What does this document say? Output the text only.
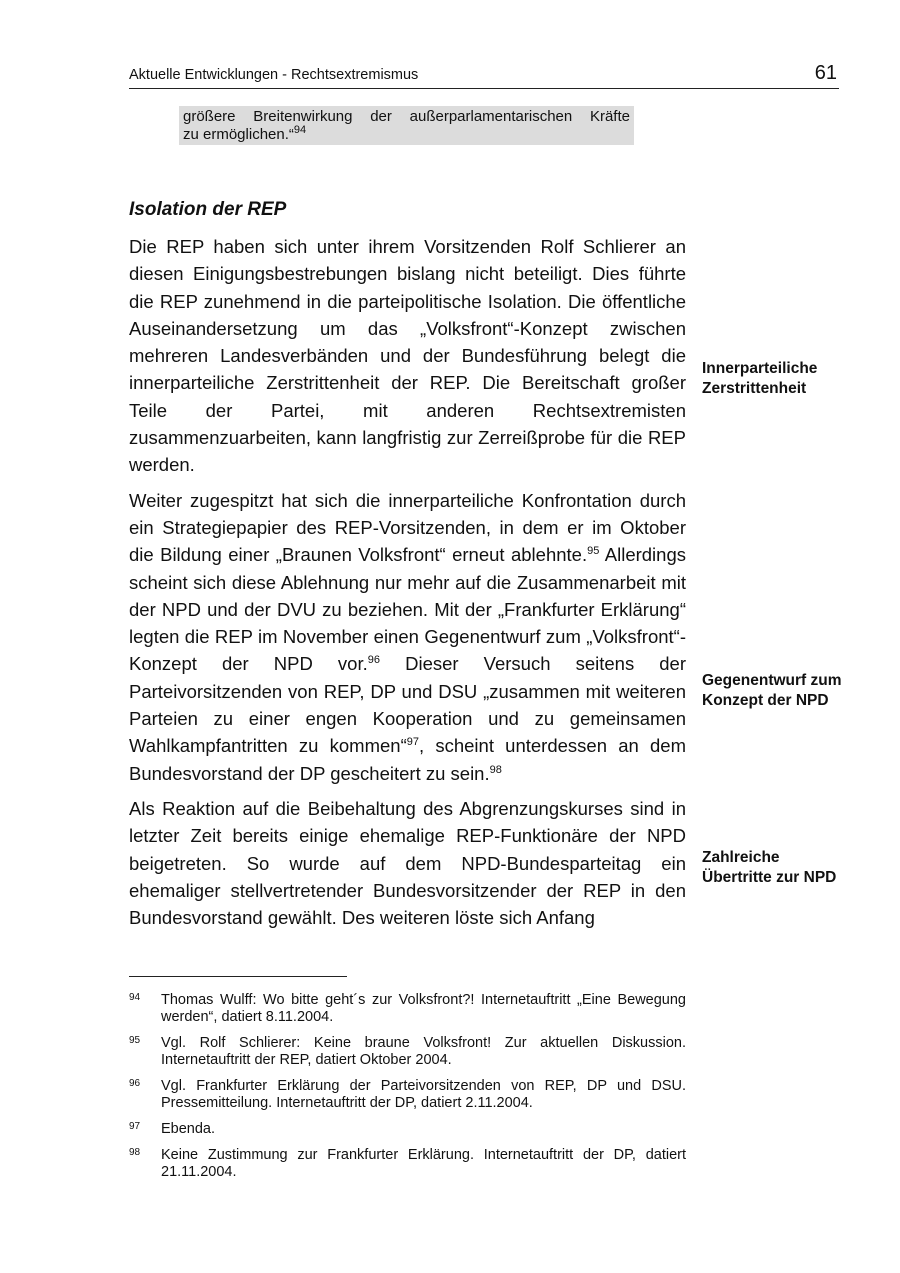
Aktuelle Entwicklungen - Rechtsextremismus	61
größere Breitenwirkung der außerparlamentarischen Kräfte
zu ermöglichen.“$^{94}$
Isolation der REP

Die REP haben sich unter ihrem Vorsitzenden Rolf Schlierer an diesen Einigungsbestrebungen bislang nicht beteiligt. Dies führte die REP zunehmend in die parteipolitische Isolation. Die öffentliche Auseinandersetzung um das „Volksfront“-Konzept zwischen mehreren Landesverbänden und der Bundesführung belegt die innerparteiliche Zerstrittenheit der REP. Die Bereitschaft großer Teile der Partei, mit anderen Rechtsextremisten zusammenzuarbeiten, kann langfristig zur Zerreißprobe für die REP werden.

Weiter zugespitzt hat sich die innerparteiliche Konfrontation durch ein Strategiepapier des REP-Vorsitzenden, in dem er im Oktober die Bildung einer „Braunen Volksfront“ erneut ablehnte.$^{95}$ Allerdings scheint sich diese Ablehnung nur mehr auf die Zusammenarbeit mit der NPD und der DVU zu beziehen. Mit der „Frankfurter Erklärung“ legten die REP im November einen Gegenentwurf zum „Volksfront“-Konzept der NPD vor.$^{96}$ Dieser Versuch seitens der Parteivorsitzenden von REP, DP und DSU „zusammen mit weiteren Parteien zu einer engen Kooperation und zu gemeinsamen Wahlkampfantritten zu kommen“$^{97}$, scheint unterdessen an dem Bundesvorstand der DP gescheitert zu sein.$^{98}$

Als Reaktion auf die Beibehaltung des Abgrenzungskurses sind in letzter Zeit bereits einige ehemalige REP-Funktionäre der NPD beigetreten. So wurde auf dem NPD-Bundesparteitag ein ehemaliger stellvertretender Bundesvorsitzender der REP in den Bundesvorstand gewählt. Des weiteren löste sich Anfang

Innerparteiliche
Zerstrittenheit
Gegenentwurf zum
Konzept der NPD
Zahlreiche
Übertritte zur NPD
94 Thomas Wulff: Wo bitte geht´s zur Volksfront?! Internetauftritt „Eine Bewegung werden“, datiert 8.11.2004.
95 Vgl. Rolf Schlierer: Keine braune Volksfront! Zur aktuellen Diskussion. Internetauftritt der REP, datiert Oktober 2004.
96 Vgl. Frankfurter Erklärung der Parteivorsitzenden von REP, DP und DSU. Pressemitteilung. Internetauftritt der DP, datiert 2.11.2004.
97 Ebenda.
98 Keine Zustimmung zur Frankfurter Erklärung. Internetauftritt der DP, datiert 21.11.2004.
